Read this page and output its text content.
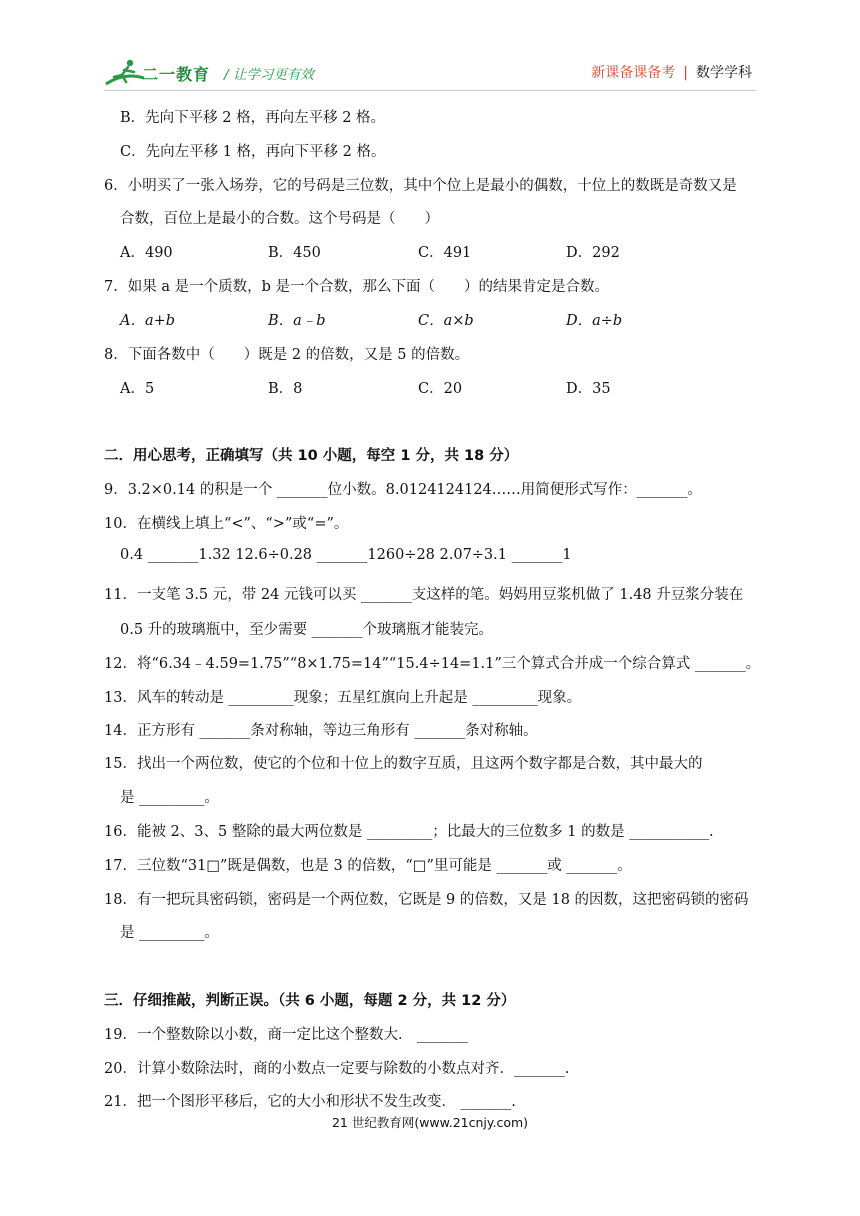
二一教育 / 让学习更有效	新课备课备考 | 数学学科
B．先向下平移 2 格，再向左平移 2 格。
C．先向左平移 1 格，再向下平移 2 格。
6．小明买了一张入场券，它的号码是三位数，其中个位上是最小的偶数，十位上的数既是奇数又是
合数，百位上是最小的合数。这个号码是（　　）
A．490	B．450	C．491	D．292
7．如果 a 是一个质数，b 是一个合数，那么下面（　　）的结果肯定是合数。
A．a+b	B．a﹣b	C．a×b	D．a÷b
8．下面各数中（　　）既是 2 的倍数，又是 5 的倍数。
A．5	B．8	C．20	D．35
二．用心思考，正确填写（共 10 小题，每空 1 分，共 18 分）
9．3.2×0.14 的积是一个 _______位小数。8.0124124124……用简便形式写作：_______。
10．在横线上填上“<”、“>”或“=”。
0.4 _______1.32 12.6÷0.28 _______1260÷28 2.07÷3.1 _______1
11．一支笔 3.5 元，带 24 元钱可以买 _______支这样的笔。妈妈用豆浆机做了 1.48 升豆浆分装在
0.5 升的玻璃瓶中，至少需要 _______个玻璃瓶才能装完。
12．将“6.34﹣4.59=1.75”“8×1.75=14”“15.4÷14=1.1”三个算式合并成一个综合算式 _______。
13．风车的转动是 _________现象；五星红旗向上升起是 _________现象。
14．正方形有 _______条对称轴，等边三角形有 _______条对称轴。
15．找出一个两位数，使它的个位和十位上的数字互质，且这两个数字都是合数，其中最大的
是 _________。
16．能被 2、3、5 整除的最大两位数是 _________；比最大的三位数多 1 的数是 ___________.
17．三位数“31□”既是偶数，也是 3 的倍数，“□”里可能是 _______或 _______。
18．有一把玩具密码锁，密码是一个两位数，它既是 9 的倍数，又是 18 的因数，这把密码锁的密码
是 _________。
三．仔细推敲，判断正误。（共 6 小题，每题 2 分，共 12 分）
19．一个整数除以小数，商一定比这个整数大． _______
20．计算小数除法时，商的小数点一定要与除数的小数点对齐．_______.
21．把一个图形平移后，它的大小和形状不发生改变． _______.
21 世纪教育网(www.21cnjy.com)
